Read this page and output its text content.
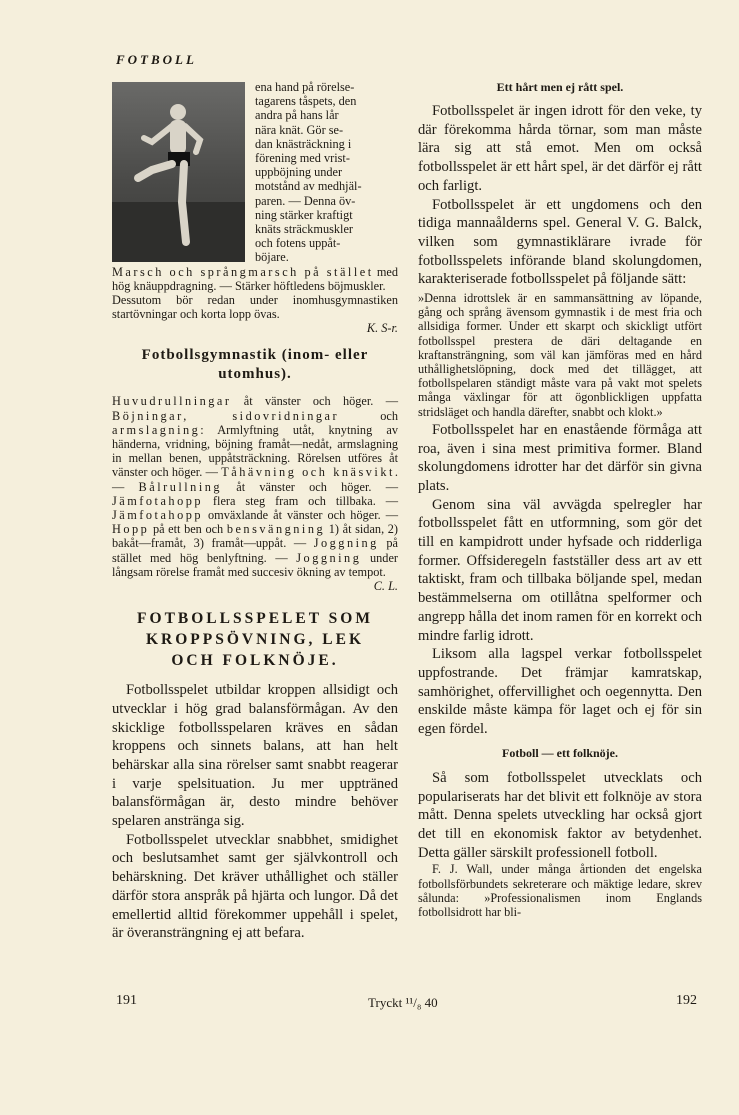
FOTBOLL

ena hand på rörelse-

tagarens tåspets, den

andra på hans lår

nära knät. Gör se-

dan knästräckning i

förening med vrist-

uppböjning under

motstånd av medhjäl-

paren. — Denna öv-

ning stärker kraftigt

knäts sträckmuskler

och fotens uppåt-

böjare.

Marsch och språngmarsch på stället med hög knäuppdragning. — Stärker höftledens böjmuskler.

Dessutom bör redan under inomhusgymnastiken startövningar och korta lopp övas.

K. S-r.

Fotbollsgymnastik (inom- eller utomhus).

Huvudrullningar åt vänster och höger. — Böjningar, sidovridningar och armslagning: Armlyftning utåt, knytning av händerna, vridning, böjning framåt—nedåt, armslagning in mellan benen, uppåtsträckning. Rörelsen utföres åt vänster och höger. — Tåhävning och knäsvikt. — Bålrullning åt vänster och höger. — Jämfotahopp flera steg fram och tillbaka. — Jämfotahopp omväxlande åt vänster och höger. — Hopp på ett ben och bensvängning 1) åt sidan, 2) bakåt—framåt, 3) framåt—uppåt. — Joggning på stället med hög benlyftning. — Joggning under långsam rörelse framåt med succesiv ökning av tempot.

C. L.

FOTBOLLSSPELET SOM
KROPPSÖVNING, LEK
OCH FOLKNÖJE.

Fotbollsspelet utbildar kroppen allsidigt och utvecklar i hög grad balansförmågan. Av den skicklige fotbollsspelaren kräves en sådan kroppens och sinnets balans, att han helt behärskar alla sina rörelser samt snabbt reagerar i varje spelsituation. Ju mer uppträned balansförmågan är, desto mindre behöver spelaren anstränga sig.

Fotbollsspelet utvecklar snabbhet, smidighet och beslutsamhet samt ger självkontroll och behärskning. Det kräver uthållighet och ställer därför stora anspråk på hjärta och lungor. Då det emellertid alltid förekommer uppehåll i spelet, är överansträngning ej att befara.

Ett hårt men ej rått spel.

Fotbollsspelet är ingen idrott för den veke, ty där förekomma hårda törnar, som man måste lära sig att stå emot. Men om också fotbollsspelet är ett hårt spel, är det därför ej rått och farligt.

Fotbollsspelet är ett ungdomens och den tidiga mannaålderns spel. General V. G. Balck, vilken som gymnastiklärare ivrade för fotbollsspelets införande bland skolungdomen, karakteriserade fotbollsspelet på följande sätt:

»Denna idrottslek är en sammansättning av löpande, gång och språng ävensom gymnastik i de mest fria och allsidiga former. Under ett skarpt och skickligt utfört fotbollsspel prestera de däri deltagande en kraftansträngning, som väl kan jämföras med en hård uthållighetslöpning, dock med det tillägget, att fotbollspelaren ständigt måste vara på vakt mot spelets många växlingar för att ögonblickligen uppfatta stridsläget och handla därefter, snabbt och klokt.»

Fotbollsspelet har en enastående förmåga att roa, även i sina mest primitiva former. Bland skolungdomens idrotter har det därför sin givna plats.

Genom sina väl avvägda spelregler har fotbollsspelet fått en utformning, som gör det till en kampidrott under hyfsade och ridderliga former. Offsideregeln fastställer dess art av ett taktiskt, fram och tillbaka böljande spel, medan bestämmelserna om otillåtna spelformer och angrepp hålla det inom ramen för en korrekt och mindre farlig idrott.

Liksom alla lagspel verkar fotbollsspelet uppfostrande. Det främjar kamratskap, samhörighet, offervillighet och oegennytta. Den enskilde måste kämpa för laget och ej för sin egen fördel.

Fotboll — ett folknöje.

Så som fotbollsspelet utvecklats och populariserats har det blivit ett folknöje av stora mått. Denna spelets utveckling har också gjort det till en ekonomisk faktor av betydenhet. Detta gäller särskilt professionell fotboll.

F. J. Wall, under många årtionden det engelska fotbollsförbundets sekreterare och mäktige ledare, skrev sålunda: »Professionalismen inom Englands fotbollsidrott har bli-

191	Tryckt ¹¹/₈ 40	192
